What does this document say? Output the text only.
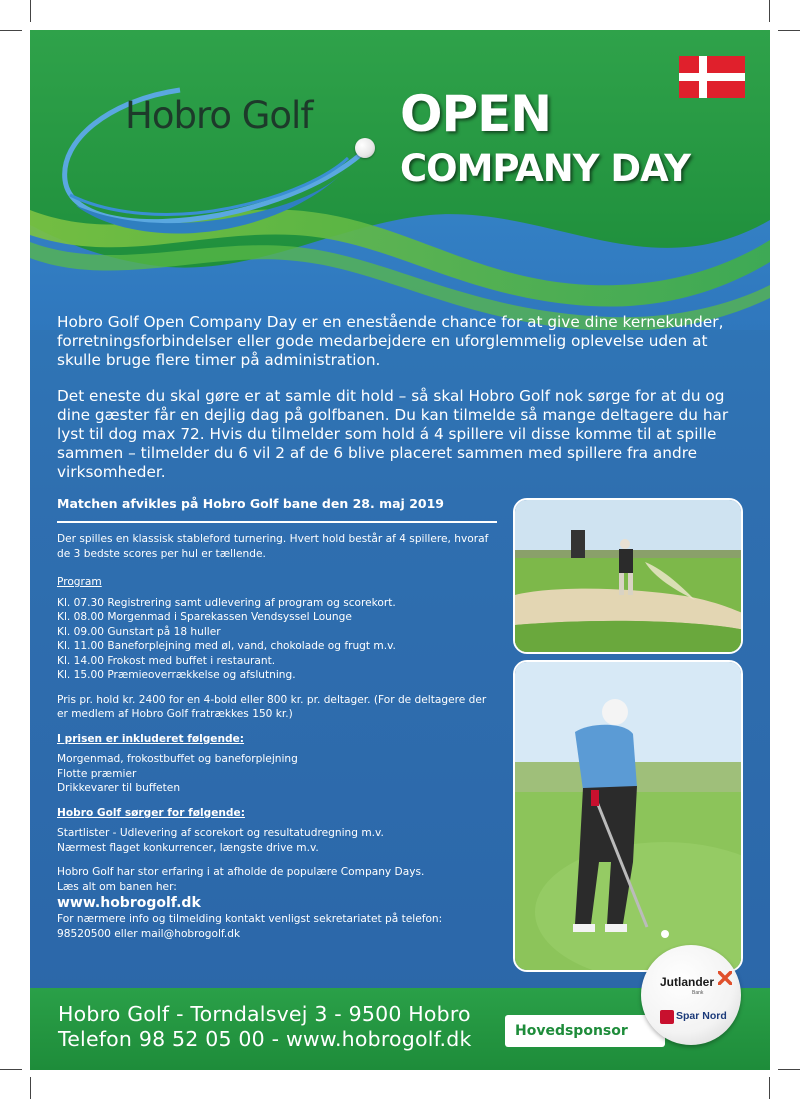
Hobro Golf OPEN
COMPANY DAY

Hobro Golf Open Company Day er en enestående chance for at give dine kernekunder, forretningsforbindelser eller gode medarbejdere en uforglemmelig oplevelse uden at skulle bruge flere timer på administration.

Det eneste du skal gøre er at samle dit hold – så skal Hobro Golf nok sørge for at du og dine gæster får en dejlig dag på golfbanen. Du kan tilmelde så mange deltagere du har lyst til dog max 72. Hvis du tilmelder som hold á 4 spillere vil disse komme til at spille sammen – tilmelder du 6 vil 2 af de 6 blive placeret sammen med spillere fra andre virksomheder.

Matchen afvikles på Hobro Golf bane den 28. maj 2019
Der spilles en klassisk stableford turnering. Hvert hold består af 4 spillere, hvoraf de 3 bedste scores per hul er tællende.
Program
Kl. 07.30 Registrering samt udlevering af program og scorekort.
Kl. 08.00 Morgenmad i Sparekassen Vendsyssel Lounge
Kl. 09.00 Gunstart på 18 huller
Kl. 11.00 Baneforplejning med øl, vand, chokolade og frugt m.v.
Kl. 14.00 Frokost med buffet i restaurant.
Kl. 15.00 Præmieoverrækkelse og afslutning.
Pris pr. hold kr. 2400 for en 4-bold eller 800 kr. pr. deltager. (For de deltagere der er medlem af Hobro Golf fratrækkes 150 kr.)
I prisen er inkluderet følgende:
Morgenmad, frokostbuffet og baneforplejning
Flotte præmier
Drikkevarer til buffeten
Hobro Golf sørger for følgende:
Startlister - Udlevering af scorekort og resultatudregning m.v.
Nærmest flaget konkurrencer, længste drive m.v.
Hobro Golf har stor erfaring i at afholde de populære Company Days.
Læs alt om banen her:
www.hobrogolf.dk
For nærmere info og tilmelding kontakt venligst sekretariatet på telefon: 98520500 eller mail@hobrogolf.dk
Hobro Golf - Torndalsvej 3 - 9500 Hobro
Telefon 98 52 05 00 - www.hobrogolf.dk	Hovedsponsor
Jutlander
Bank
Spar Nord
